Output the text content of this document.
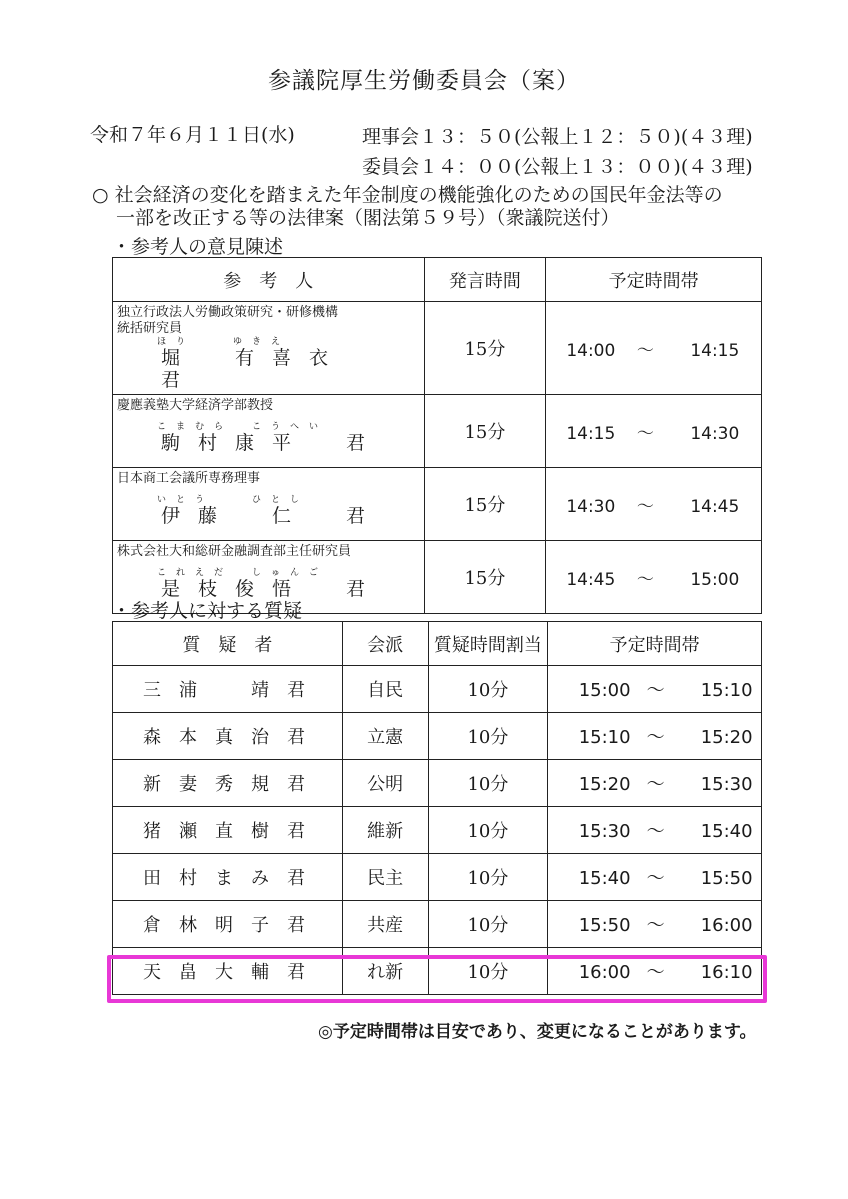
参議院厚生労働委員会（案）
令和７年６月１１日(水)	理事会１３：５０(公報上１２：５０)(４３理)
委員会１４：００(公報上１３：００)(４３理)
○ 社会経済の変化を踏まえた年金制度の機能強化のための国民年金法等の
一部を改正する等の法律案（閣法第５９号）（衆議院送付）
・参考人の意見陳述
参　考　人	発言時間	予定時間帯

独立行政法人労働政策研究・研修機構
統括研究員
ほり　　ゆきえ
堀　有喜衣　君	15分	14:00 ～ 14:15

慶應義塾大学経済学部教授
こまむら　こうへい
駒村康平　君	15分	14:15 ～ 14:30

日本商工会議所専務理事
いとう　　ひとし
伊藤　仁　君	15分	14:30 ～ 14:45

株式会社大和総研金融調査部主任研究員
これえだ　しゅんご
是枝俊悟　君	15分	14:45 ～ 15:00
・参考人に対する質疑
質　疑　者	会派	質疑時間割当	予定時間帯
三浦　靖君	自民	10分	15:00 ～ 15:10
森本真治君	立憲	10分	15:10 ～ 15:20
新妻秀規君	公明	10分	15:20 ～ 15:30
猪瀬直樹君	維新	10分	15:30 ～ 15:40
田村まみ君	民主	10分	15:40 ～ 15:50
倉林明子君	共産	10分	15:50 ～ 16:00
天畠大輔君	れ新	10分	16:00 ～ 16:10
◎予定時間帯は目安であり、変更になることがあります。
